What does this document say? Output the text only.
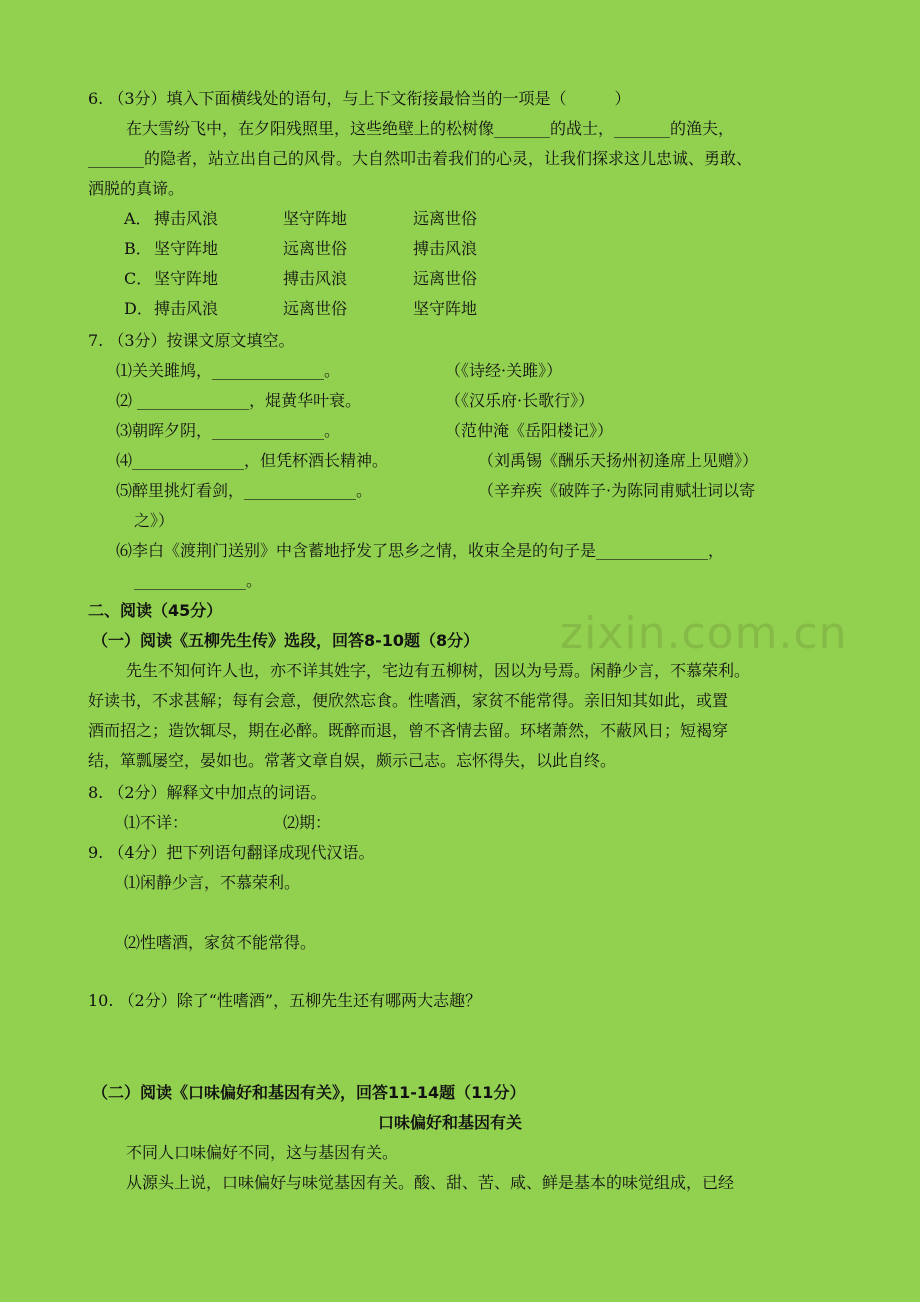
zixin.com.cn
6. （3分）填入下面横线处的语句，与上下文衔接最恰当的一项是（　　　）
在大雪纷飞中，在夕阳残照里，这些绝壁上的松树像_______的战士，_______的渔夫，
_______的隐者，站立出自己的风骨。大自然叩击着我们的心灵，让我们探求这儿忠诚、勇敢、
洒脱的真谛。
A． 搏击风浪	坚守阵地	远离世俗
B． 坚守阵地	远离世俗	搏击风浪
C． 坚守阵地	搏击风浪	远离世俗
D． 搏击风浪	远离世俗	坚守阵地
7. （3分）按课文原文填空。
⑴关关雎鸠，______________。	（《诗经·关雎》）
⑵ ______________，焜黄华叶衰。	（《汉乐府·长歌行》）
⑶朝晖夕阴，______________。	（范仲淹《岳阳楼记》）
⑷______________，但凭杯酒长精神。	（刘禹锡《酬乐天扬州初逢席上见赠》）
⑸醉里挑灯看剑，______________。	（辛弃疾《破阵子·为陈同甫赋壮词以寄
之》）
⑹李白《渡荆门送别》中含蓄地抒发了思乡之情，收束全是的句子是______________，
______________。
二、阅读（45分）
（一）阅读《五柳先生传》选段，回答8-10题（8分）
先生不知何许人也，亦不详其姓字，宅边有五柳树，因以为号焉。闲静少言，不慕荣利。
好读书，不求甚解；每有会意，便欣然忘食。性嗜酒，家贫不能常得。亲旧知其如此，或置
酒而招之；造饮辄尽，期在必醉。既醉而退，曾不吝情去留。环堵萧然，不蔽风日；短褐穿
结，箪瓢屡空，晏如也。常著文章自娱，颇示己志。忘怀得失，以此自终。
8. （2分）解释文中加点的词语。
⑴不详：	⑵期：
9. （4分）把下列语句翻译成现代汉语。
⑴闲静少言，不慕荣利。
⑵性嗜酒，家贫不能常得。
10. （2分）除了“性嗜酒”，五柳先生还有哪两大志趣？
（二）阅读《口味偏好和基因有关》，回答11-14题（11分）
口味偏好和基因有关
不同人口味偏好不同，这与基因有关。
从源头上说，口味偏好与味觉基因有关。酸、甜、苦、咸、鲜是基本的味觉组成，已经
